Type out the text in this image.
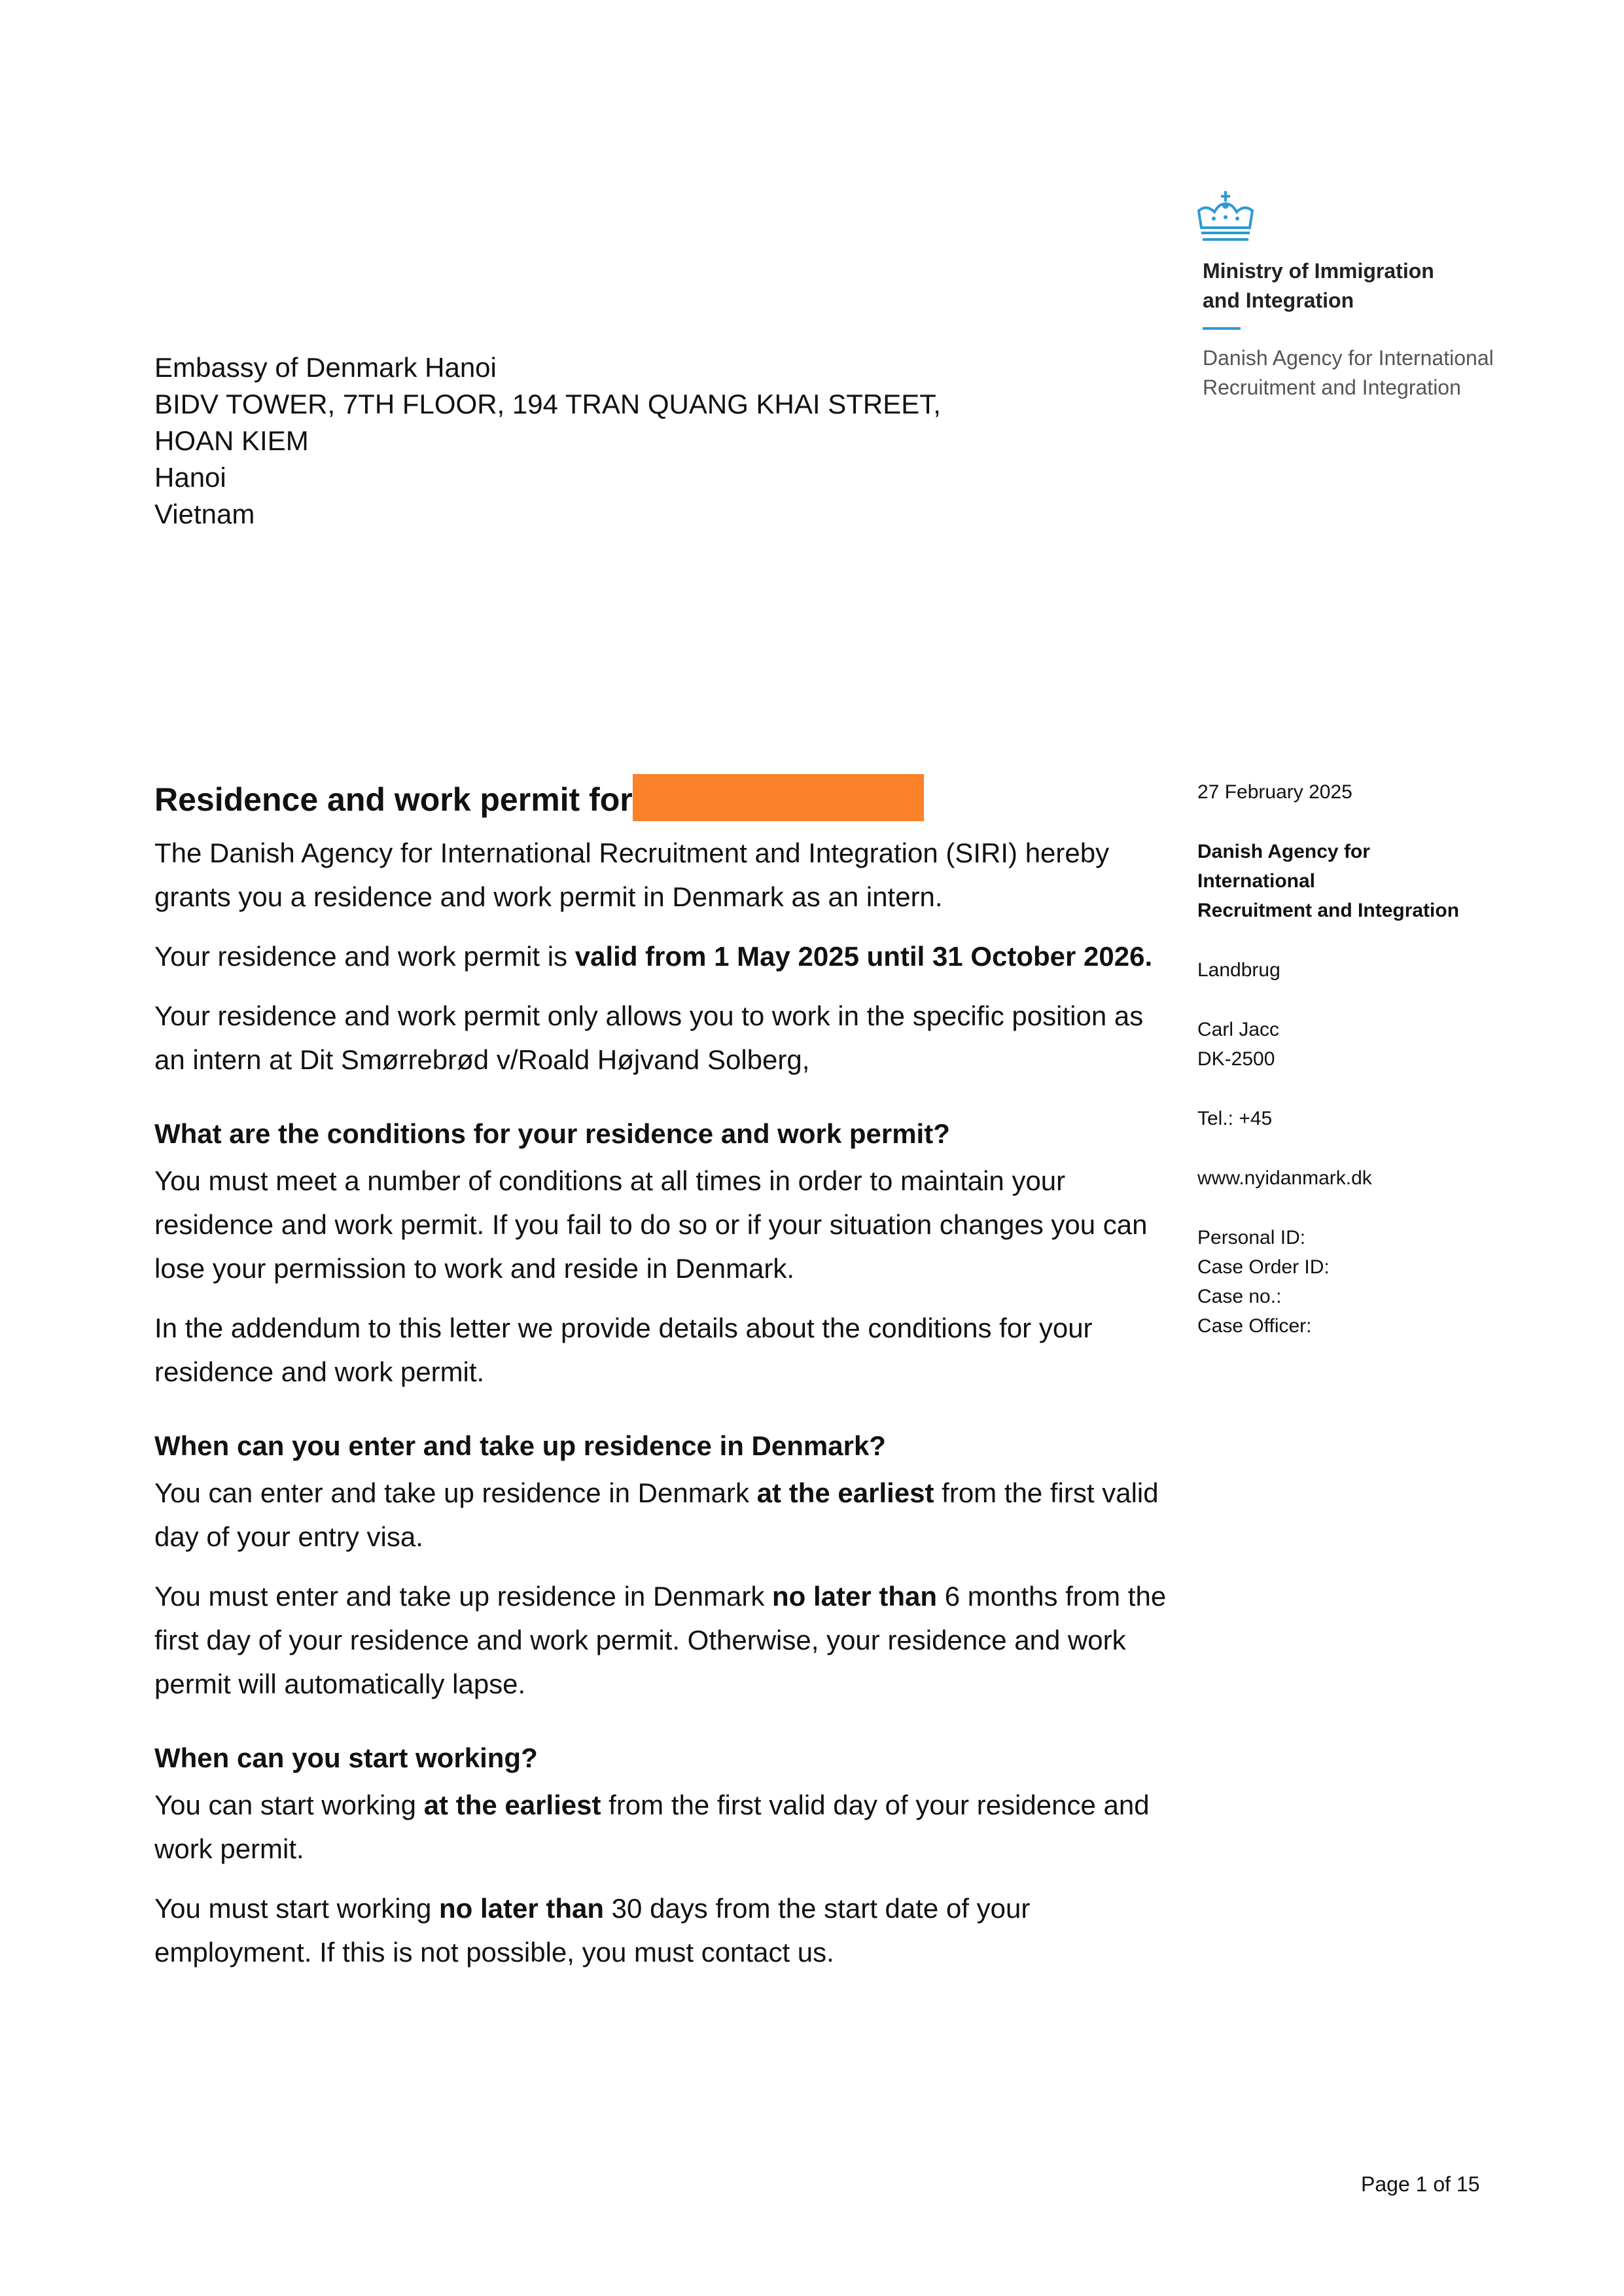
Ministry of Immigration
and Integration
Danish Agency for International
Recruitment and Integration
Embassy of Denmark Hanoi
BIDV TOWER, 7TH FLOOR, 194 TRAN QUANG KHAI STREET,
HOAN KIEM
Hanoi
Vietnam
Residence and work permit for

The Danish Agency for International Recruitment and Integration (SIRI) hereby grants you a residence and work permit in Denmark as an intern.

Your residence and work permit is valid from 1 May 2025 until 31 October 2026.

Your residence and work permit only allows you to work in the specific position as an intern at Dit Smørrebrød v/Roald Højvand Solberg,

What are the conditions for your residence and work permit?

You must meet a number of conditions at all times in order to maintain your residence and work permit. If you fail to do so or if your situation changes you can lose your permission to work and reside in Denmark.

In the addendum to this letter we provide details about the conditions for your residence and work permit.

When can you enter and take up residence in Denmark?

You can enter and take up residence in Denmark at the earliest from the first valid day of your entry visa.

You must enter and take up residence in Denmark no later than 6 months from the first day of your residence and work permit. Otherwise, your residence and work permit will automatically lapse.

When can you start working?

You can start working at the earliest from the first valid day of your residence and work permit.

You must start working no later than 30 days from the start date of your employment. If this is not possible, you must contact us.

27 February 2025
Danish Agency for International
Recruitment and Integration
Landbrug
Carl Jacc
DK-2500
Tel.: +45
www.nyidanmark.dk
Personal ID:
Case Order ID:
Case no.:
Case Officer:
Page 1 of 15
